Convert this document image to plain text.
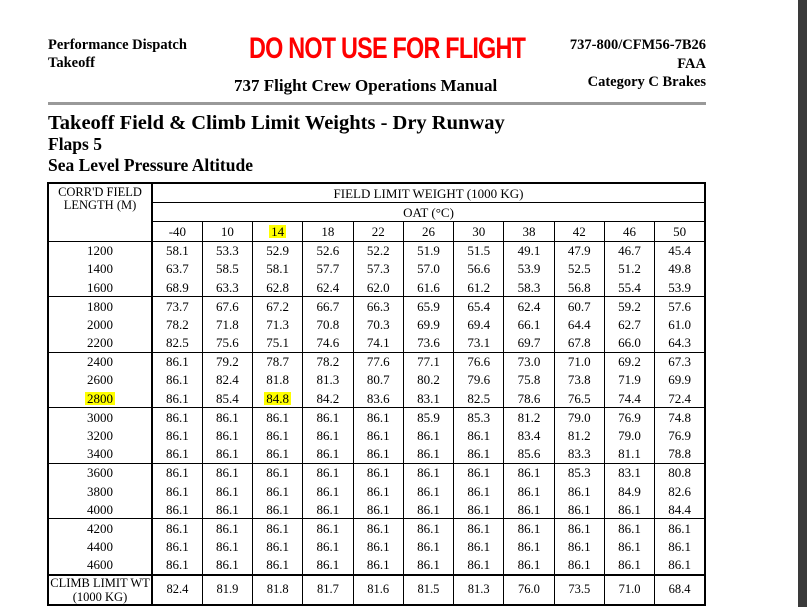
Performance Dispatch
Takeoff	DO NOT USE FOR FLIGHT
737 Flight Crew Operations Manual
737-800/CFM56-7B26
FAA
Category C Brakes
Takeoff Field & Climb Limit Weights - Dry Runway
Flaps 5
Sea Level Pressure Altitude
CORR'D FIELD LENGTH (M)	FIELD LIMIT WEIGHT (1000 KG)										
	OAT (°C)										
	-40	10	14	18	22	26	30	38	42	46	50
1200	58.1	53.3	52.9	52.6	52.2	51.9	51.5	49.1	47.9	46.7	45.4
1400	63.7	58.5	58.1	57.7	57.3	57.0	56.6	53.9	52.5	51.2	49.8
1600	68.9	63.3	62.8	62.4	62.0	61.6	61.2	58.3	56.8	55.4	53.9
1800	73.7	67.6	67.2	66.7	66.3	65.9	65.4	62.4	60.7	59.2	57.6
2000	78.2	71.8	71.3	70.8	70.3	69.9	69.4	66.1	64.4	62.7	61.0
2200	82.5	75.6	75.1	74.6	74.1	73.6	73.1	69.7	67.8	66.0	64.3
2400	86.1	79.2	78.7	78.2	77.6	77.1	76.6	73.0	71.0	69.2	67.3
2600	86.1	82.4	81.8	81.3	80.7	80.2	79.6	75.8	73.8	71.9	69.9
2800	86.1	85.4	84.8	84.2	83.6	83.1	82.5	78.6	76.5	74.4	72.4
3000	86.1	86.1	86.1	86.1	86.1	85.9	85.3	81.2	79.0	76.9	74.8
3200	86.1	86.1	86.1	86.1	86.1	86.1	86.1	83.4	81.2	79.0	76.9
3400	86.1	86.1	86.1	86.1	86.1	86.1	86.1	85.6	83.3	81.1	78.8
3600	86.1	86.1	86.1	86.1	86.1	86.1	86.1	86.1	85.3	83.1	80.8
3800	86.1	86.1	86.1	86.1	86.1	86.1	86.1	86.1	86.1	84.9	82.6
4000	86.1	86.1	86.1	86.1	86.1	86.1	86.1	86.1	86.1	86.1	84.4
4200	86.1	86.1	86.1	86.1	86.1	86.1	86.1	86.1	86.1	86.1	86.1
4400	86.1	86.1	86.1	86.1	86.1	86.1	86.1	86.1	86.1	86.1	86.1
4600	86.1	86.1	86.1	86.1	86.1	86.1	86.1	86.1	86.1	86.1	86.1
CLIMB LIMIT WT (1000 KG)	82.4	81.9	81.8	81.7	81.6	81.5	81.3	76.0	73.5	71.0	68.4
